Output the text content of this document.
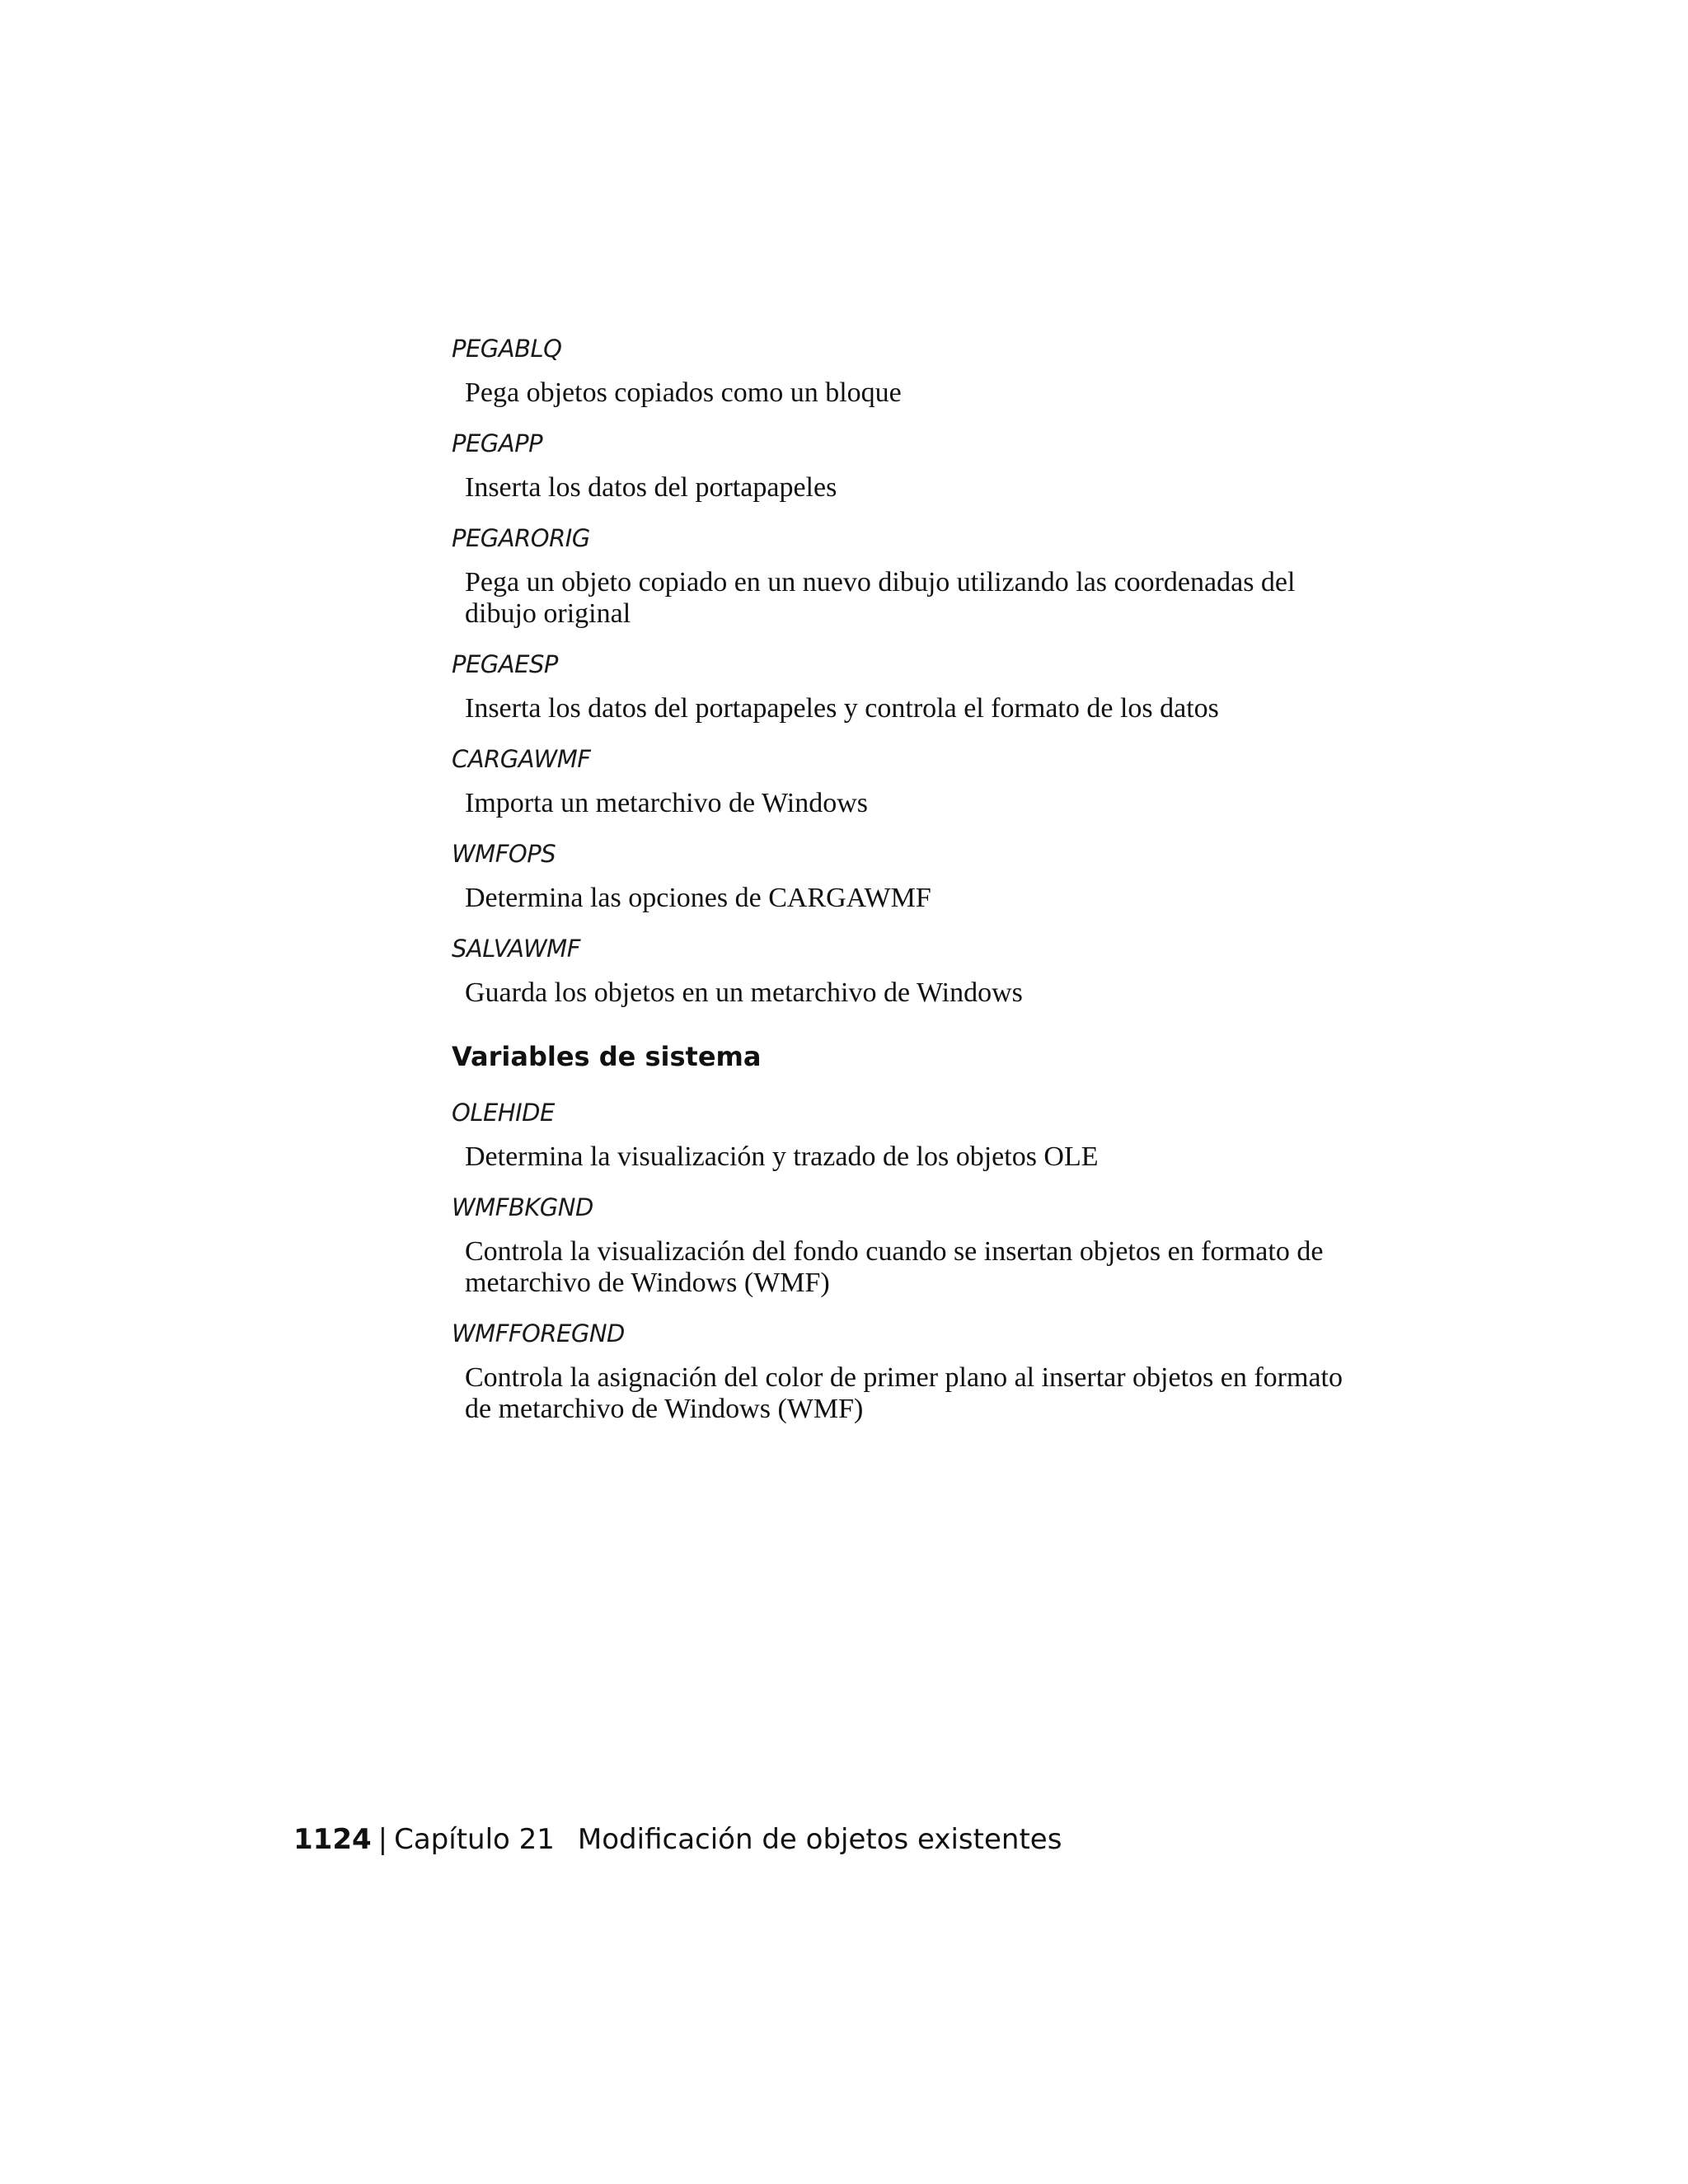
PEGABLQ
Pega objetos copiados como un bloque
PEGAPP
Inserta los datos del portapapeles
PEGARORIG
Pega un objeto copiado en un nuevo dibujo utilizando las coordenadas del dibujo original
PEGAESP
Inserta los datos del portapapeles y controla el formato de los datos
CARGAWMF
Importa un metarchivo de Windows
WMFOPS
Determina las opciones de CARGAWMF
SALVAWMF
Guarda los objetos en un metarchivo de Windows
Variables de sistema
OLEHIDE
Determina la visualización y trazado de los objetos OLE
WMFBKGND
Controla la visualización del fondo cuando se insertan objetos en formato de metarchivo de Windows (WMF)
WMFFOREGND
Controla la asignación del color de primer plano al insertar objetos en formato de metarchivo de Windows (WMF)
1124 | Capítulo 21 Modificación de objetos existentes
